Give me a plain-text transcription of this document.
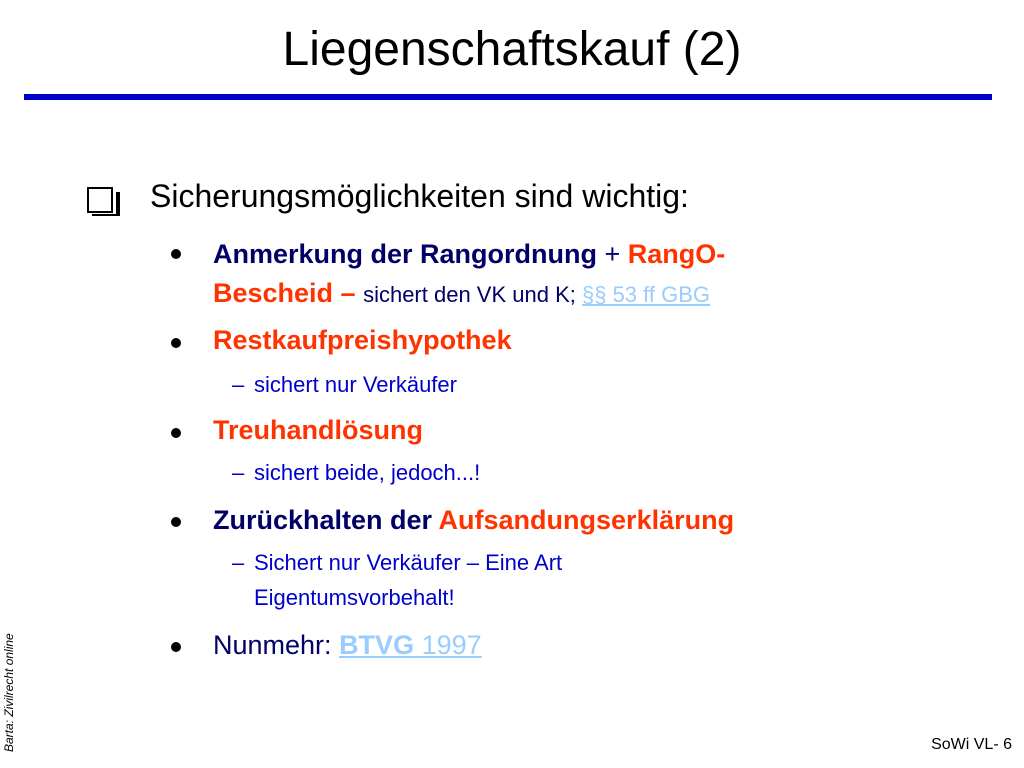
Liegenschaftskauf (2)
Sicherungsmöglichkeiten sind wichtig:
Anmerkung der Rangordnung + RangO-
Bescheid – sichert den VK und K; §§ 53 ff GBG
Restkaufpreishypothek
– sichert nur Verkäufer
Treuhandlösung
– sichert beide, jedoch...!
Zurückhalten der Aufsandungserklärung
– Sichert nur Verkäufer – Eine Art
Eigentumsvorbehalt!
Nunmehr: BTVG 1997
Barta: Zivilrecht online	SoWi VL- 6
